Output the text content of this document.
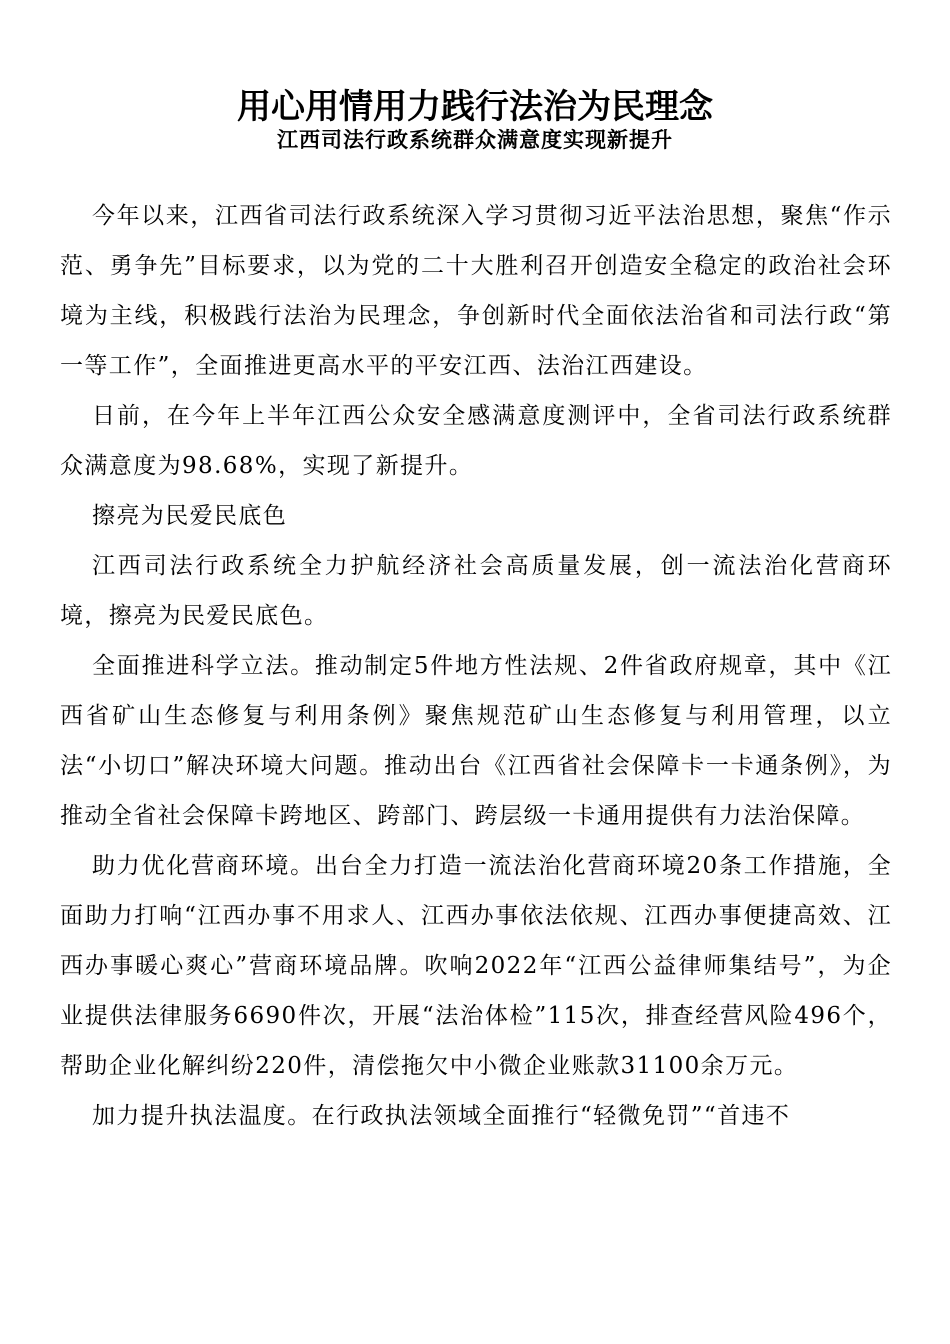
用心用情用力践行法治为民理念
江西司法行政系统群众满意度实现新提升

今年以来，江西省司法行政系统深入学习贯彻习近平法治思想，聚焦“作示范、勇争先”目标要求，以为党的二十大胜利召开创造安全稳定的政治社会环境为主线，积极践行法治为民理念，争创新时代全面依法治省和司法行政“第一等工作”，全面推进更高水平的平安江西、法治江西建设。

日前，在今年上半年江西公众安全感满意度测评中，全省司法行政系统群众满意度为98.68%，实现了新提升。

擦亮为民爱民底色

江西司法行政系统全力护航经济社会高质量发展，创一流法治化营商环境，擦亮为民爱民底色。

全面推进科学立法。推动制定5件地方性法规、2件省政府规章，其中《江西省矿山生态修复与利用条例》聚焦规范矿山生态修复与利用管理，以立法“小切口”解决环境大问题。推动出台《江西省社会保障卡一卡通条例》，为推动全省社会保障卡跨地区、跨部门、跨层级一卡通用提供有力法治保障。

助力优化营商环境。出台全力打造一流法治化营商环境20条工作措施，全面助力打响“江西办事不用求人、江西办事依法依规、江西办事便捷高效、江西办事暖心爽心”营商环境品牌。吹响2022年“江西公益律师集结号”，为企业提供法律服务6690件次，开展“法治体检”115次，排查经营风险496个，帮助企业化解纠纷220件，清偿拖欠中小微企业账款31100余万元。

加力提升执法温度。在行政执法领域全面推行“轻微免罚”“首违不
